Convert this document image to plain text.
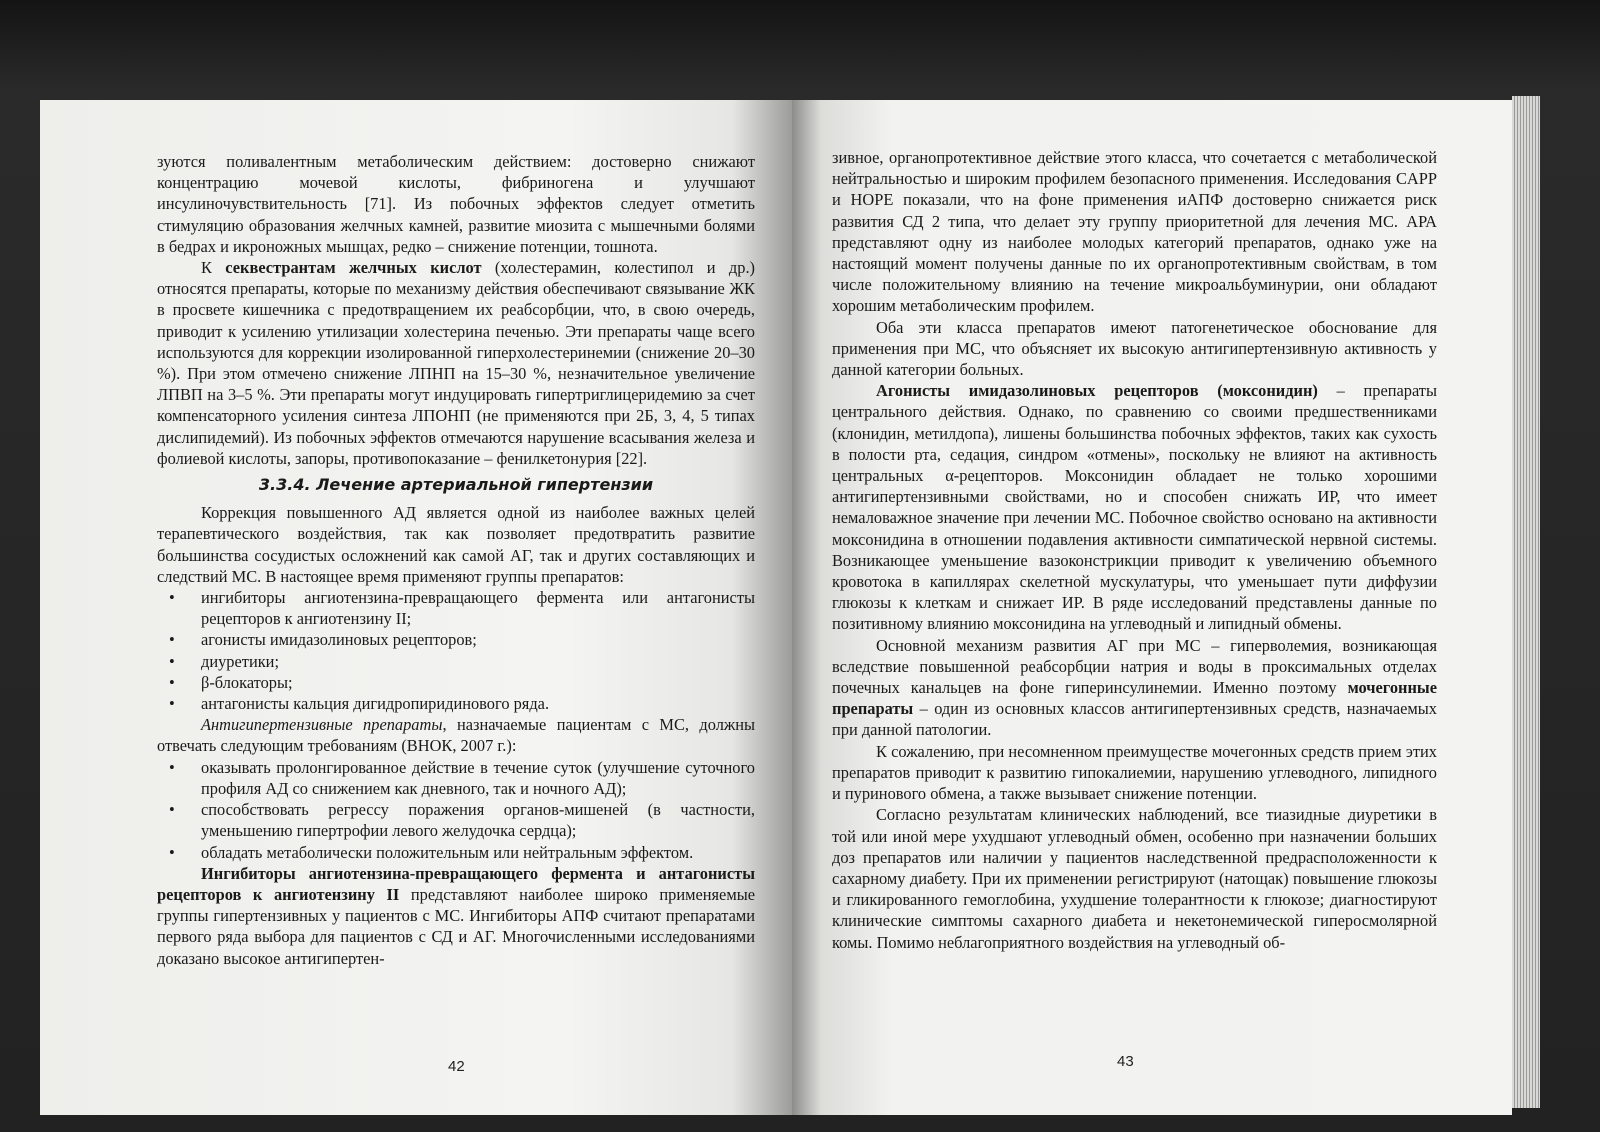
зуются поливалентным метаболическим действием: достоверно снижают концентрацию мочевой кислоты, фибриногена и улучшают инсулиночувствительность [71]. Из побочных эффектов следует отметить стимуляцию образования желчных камней, развитие миозита с мышечными болями в бедрах и икроножных мышцах, редко – снижение потенции, тошнота.

К секвестрантам желчных кислот (холестерамин, колестипол и др.) относятся препараты, которые по механизму действия обеспечивают связывание ЖК в просвете кишечника с предотвращением их реабсорбции, что, в свою очередь, приводит к усилению утилизации холестерина печенью. Эти препараты чаще всего используются для коррекции изолированной гиперхолестеринемии (снижение 20–30 %). При этом отмечено снижение ЛПНП на 15–30 %, незначительное увеличение ЛПВП на 3–5 %. Эти препараты могут индуцировать гипертриглицеридемию за счет компенсаторного усиления синтеза ЛПОНП (не применяются при 2Б, 3, 4, 5 типах дислипидемий). Из побочных эффектов отмечаются нарушение всасывания железа и фолиевой кислоты, запоры, противопоказание – фенилкетонурия [22].

3.3.4. Лечение артериальной гипертензии

Коррекция повышенного АД является одной из наиболее важных целей терапевтического воздействия, так как позволяет предотвратить развитие большинства сосудистых осложнений как самой АГ, так и других составляющих и следствий МС. В настоящее время применяют группы препаратов:

• ингибиторы ангиотензина-превращающего фермента или антагонисты рецепторов к ангиотензину II;
• агонисты имидазолиновых рецепторов;
• диуретики;
• β-блокаторы;
• антагонисты кальция дигидропиридинового ряда.

Антигипертензивные препараты, назначаемые пациентам с МС, должны отвечать следующим требованиям (ВНОК, 2007 г.):

• оказывать пролонгированное действие в течение суток (улучшение суточного профиля АД со снижением как дневного, так и ночного АД);
• способствовать регрессу поражения органов-мишеней (в частности, уменьшению гипертрофии левого желудочка сердца);
• обладать метаболически положительным или нейтральным эффектом.

Ингибиторы ангиотензина-превращающего фермента и антагонисты рецепторов к ангиотензину II представляют наиболее широко применяемые группы гипертензивных у пациентов с МС. Ингибиторы АПФ считают препаратами первого ряда выбора для пациентов с СД и АГ. Многочисленными исследованиями доказано высокое антигипертен-

42

зивное, органопротективное действие этого класса, что сочетается с метаболической нейтральностью и широким профилем безопасного применения. Исследования CAPP и HOPE показали, что на фоне применения иАПФ достоверно снижается риск развития СД 2 типа, что делает эту группу приоритетной для лечения МС. АРА представляют одну из наиболее молодых категорий препаратов, однако уже на настоящий момент получены данные по их органопротективным свойствам, в том числе положительному влиянию на течение микроальбуминурии, они обладают хорошим метаболическим профилем.

Оба эти класса препаратов имеют патогенетическое обоснование для применения при МС, что объясняет их высокую антигипертензивную активность у данной категории больных.

Агонисты имидазолиновых рецепторов (моксонидин) – препараты центрального действия. Однако, по сравнению со своими предшественниками (клонидин, метилдопа), лишены большинства побочных эффектов, таких как сухость в полости рта, седация, синдром «отмены», поскольку не влияют на активность центральных α-рецепторов. Моксонидин обладает не только хорошими антигипертензивными свойствами, но и способен снижать ИР, что имеет немаловажное значение при лечении МС. Побочное свойство основано на активности моксонидина в отношении подавления активности симпатической нервной системы. Возникающее уменьшение вазоконстрикции приводит к увеличению объемного кровотока в капиллярах скелетной мускулатуры, что уменьшает пути диффузии глюкозы к клеткам и снижает ИР. В ряде исследований представлены данные по позитивному влиянию моксонидина на углеводный и липидный обмены.

Основной механизм развития АГ при МС – гиперволемия, возникающая вследствие повышенной реабсорбции натрия и воды в проксимальных отделах почечных канальцев на фоне гиперинсулинемии. Именно поэтому мочегонные препараты – один из основных классов антигипертензивных средств, назначаемых при данной патологии.

К сожалению, при несомненном преимуществе мочегонных средств прием этих препаратов приводит к развитию гипокалиемии, нарушению углеводного, липидного и пуринового обмена, а также вызывает снижение потенции.

Согласно результатам клинических наблюдений, все тиазидные диуретики в той или иной мере ухудшают углеводный обмен, особенно при назначении больших доз препаратов или наличии у пациентов наследственной предрасположенности к сахарному диабету. При их применении регистрируют (натощак) повышение глюкозы и гликированного гемоглобина, ухудшение толерантности к глюкозе; диагностируют клинические симптомы сахарного диабета и некетонемической гиперосмолярной комы. Помимо неблагоприятного воздействия на углеводный об-

43
